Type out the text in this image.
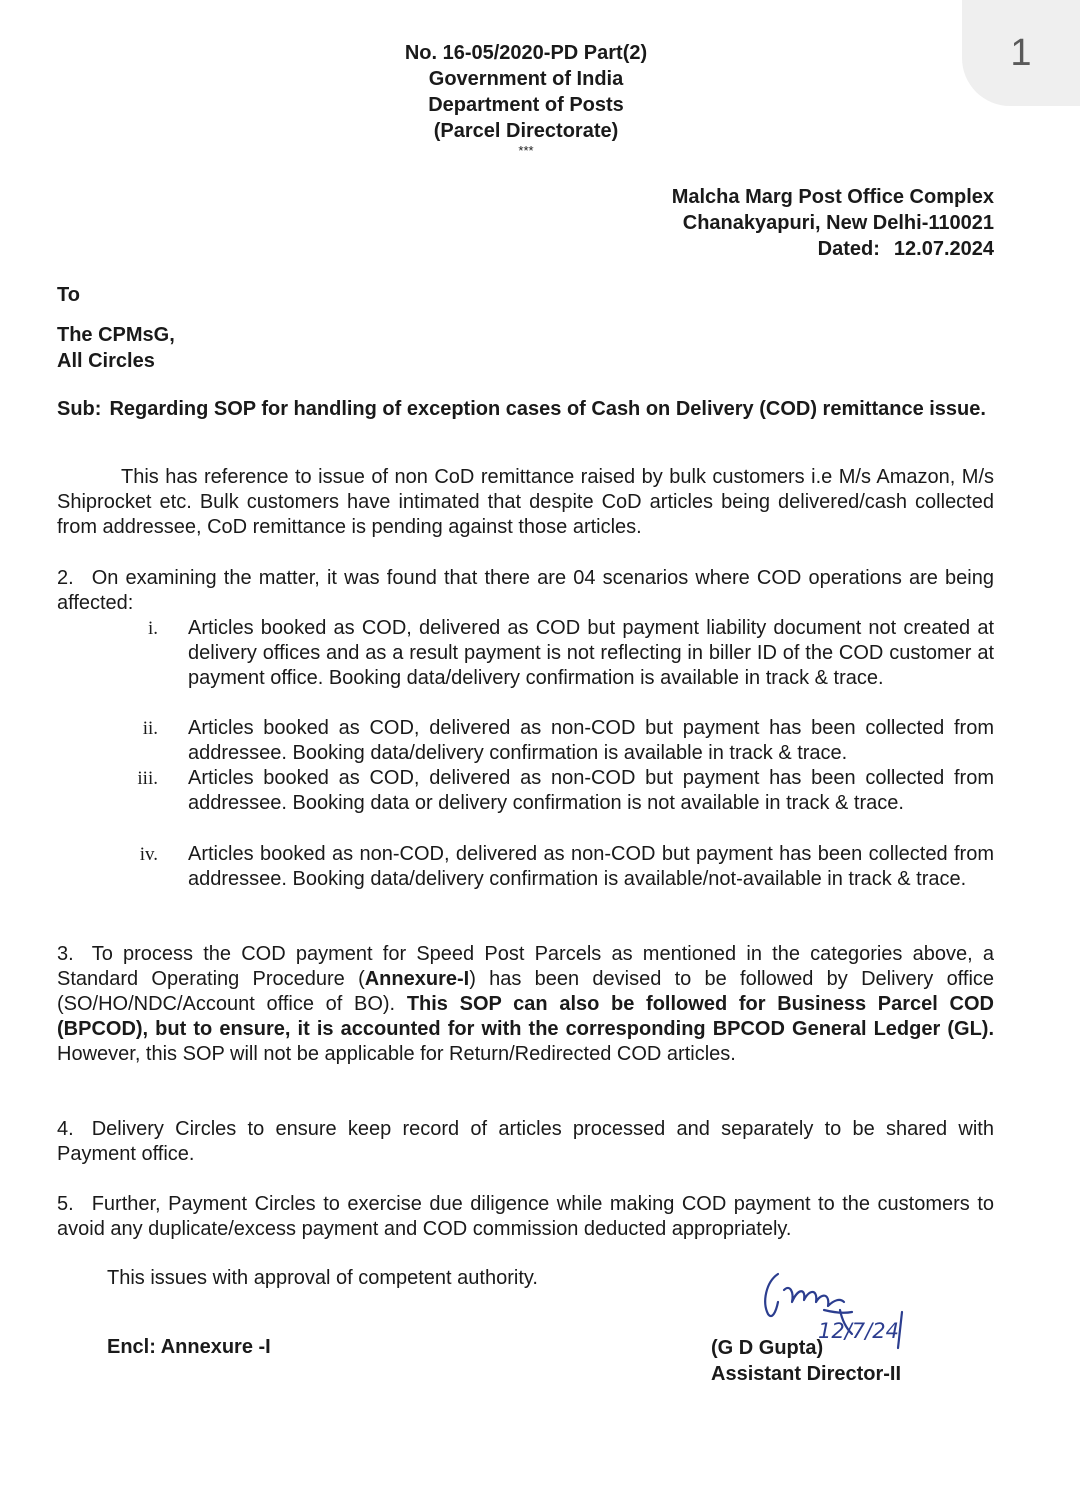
1
No. 16-05/2020-PD Part(2)
Government of India
Department of Posts
(Parcel Directorate)
***
Malcha Marg Post Office Complex
Chanakyapuri, New Delhi-110021
Dated: 12.07.2024
To
The CPMsG,
All Circles
Sub: Regarding SOP for handling of exception cases of Cash on Delivery (COD) remittance issue.
This has reference to issue of non CoD remittance raised by bulk customers i.e M/s Amazon, M/s Shiprocket etc. Bulk customers have intimated that despite CoD articles being delivered/cash collected from addressee, CoD remittance is pending against those articles.
2. On examining the matter, it was found that there are 04 scenarios where COD operations are being affected:
i. Articles booked as COD, delivered as COD but payment liability document not created at delivery offices and as a result payment is not reflecting in biller ID of the COD customer at payment office. Booking data/delivery confirmation is available in track & trace.
ii. Articles booked as COD, delivered as non-COD but payment has been collected from addressee. Booking data/delivery confirmation is available in track & trace.
iii. Articles booked as COD, delivered as non-COD but payment has been collected from addressee. Booking data or delivery confirmation is not available in track & trace.
iv. Articles booked as non-COD, delivered as non-COD but payment has been collected from addressee. Booking data/delivery confirmation is available/not-available in track & trace.
3. To process the COD payment for Speed Post Parcels as mentioned in the categories above, a Standard Operating Procedure (Annexure-I) has been devised to be followed by Delivery office (SO/HO/NDC/Account office of BO). This SOP can also be followed for Business Parcel COD (BPCOD), but to ensure, it is accounted for with the corresponding BPCOD General Ledger (GL). However, this SOP will not be applicable for Return/Redirected COD articles.
4. Delivery Circles to ensure keep record of articles processed and separately to be shared with Payment office.
5. Further, Payment Circles to exercise due diligence while making COD payment to the customers to avoid any duplicate/excess payment and COD commission deducted appropriately.
This issues with approval of competent authority.
Encl: Annexure -I
12/7/24
(G D Gupta)
Assistant Director-II
